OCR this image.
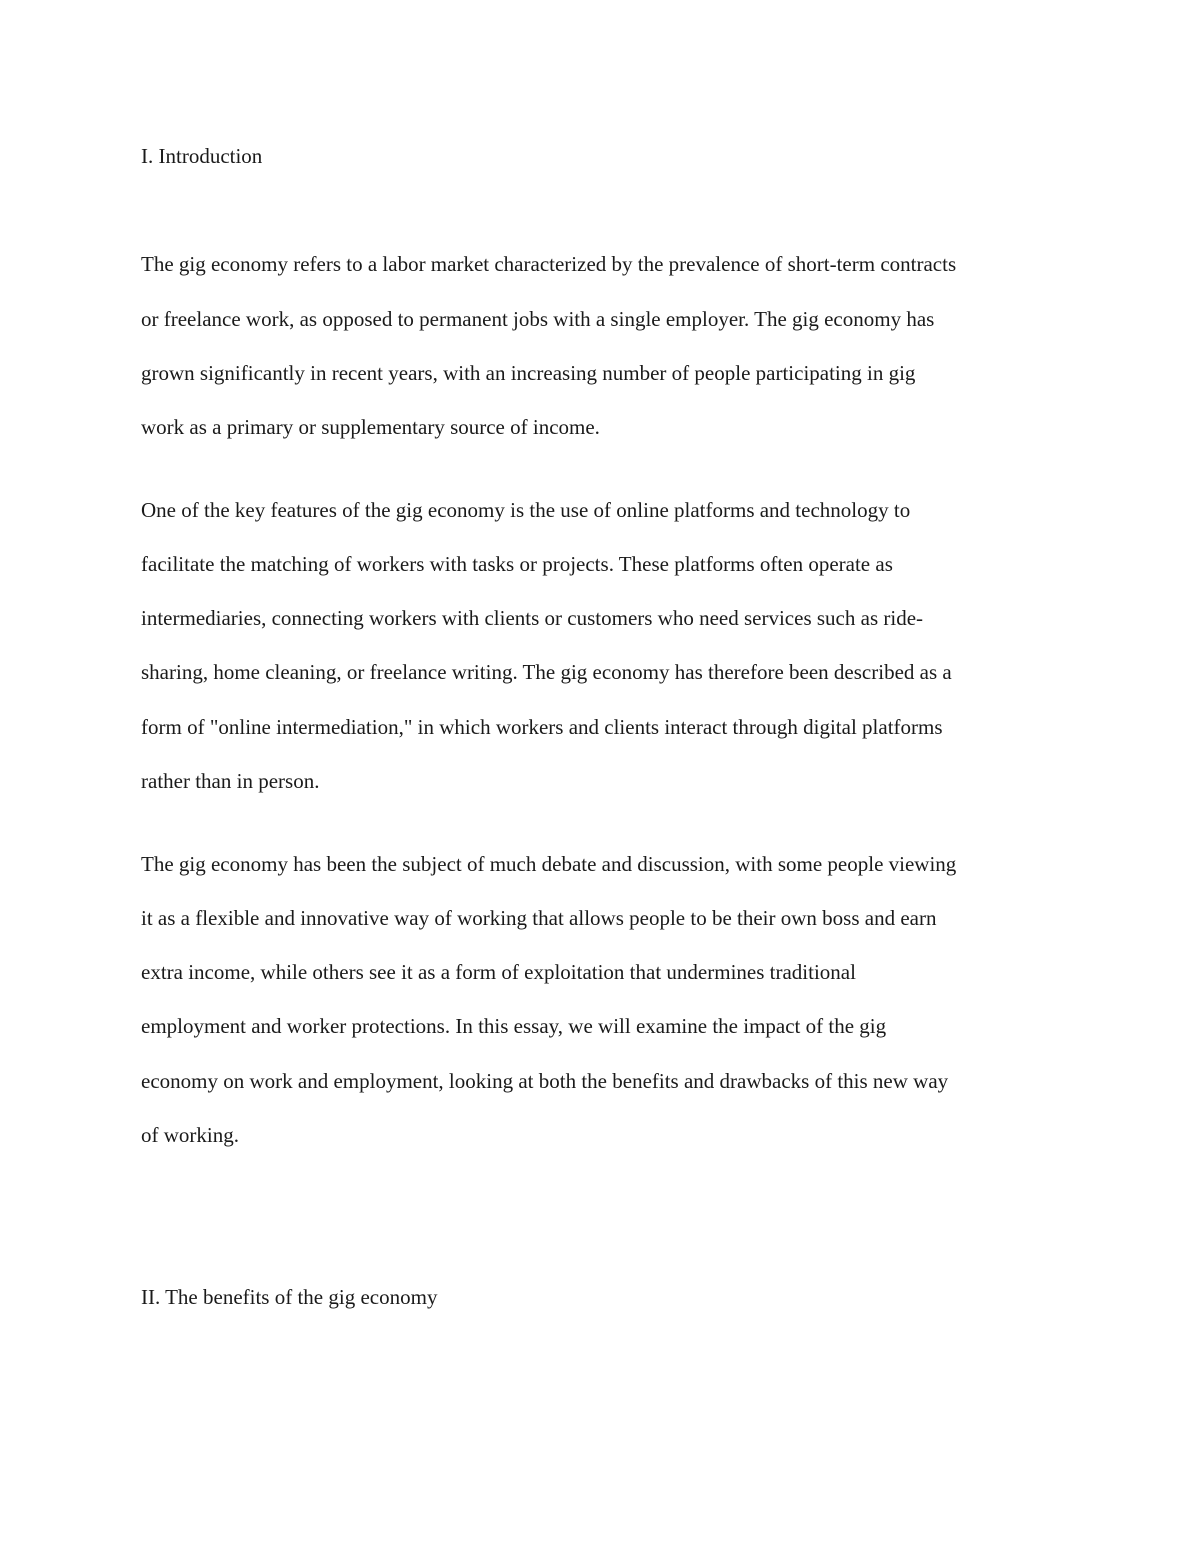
I. Introduction

The gig economy refers to a labor market characterized by the prevalence of short-term contracts

or freelance work, as opposed to permanent jobs with a single employer. The gig economy has

grown significantly in recent years, with an increasing number of people participating in gig

work as a primary or supplementary source of income.

One of the key features of the gig economy is the use of online platforms and technology to

facilitate the matching of workers with tasks or projects. These platforms often operate as

intermediaries, connecting workers with clients or customers who need services such as ride-

sharing, home cleaning, or freelance writing. The gig economy has therefore been described as a

form of "online intermediation," in which workers and clients interact through digital platforms

rather than in person.

The gig economy has been the subject of much debate and discussion, with some people viewing

it as a flexible and innovative way of working that allows people to be their own boss and earn

extra income, while others see it as a form of exploitation that undermines traditional

employment and worker protections. In this essay, we will examine the impact of the gig

economy on work and employment, looking at both the benefits and drawbacks of this new way

of working.

II. The benefits of the gig economy
